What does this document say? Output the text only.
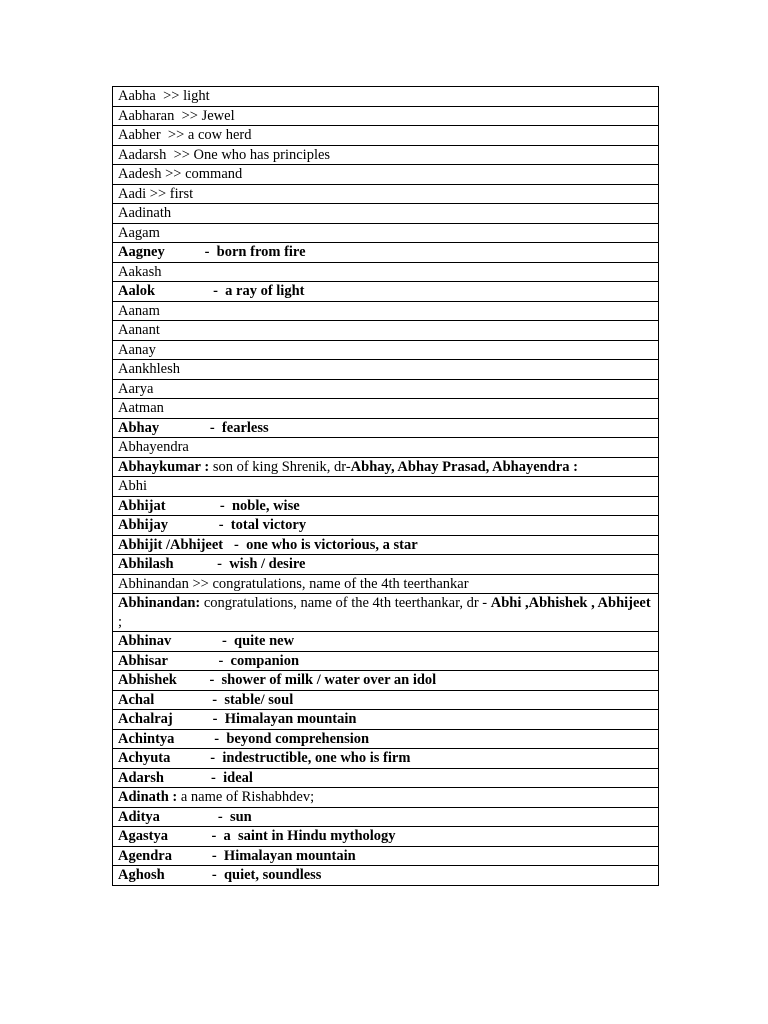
Aabha  >> light
Aabharan  >> Jewel
Aabher  >> a cow herd
Aadarsh  >> One who has principles
Aadesh >> command
Aadi >> first
Aadinath
Aagam
Aagney           -  born from fire
Aakash
Aalok                -  a ray of light
Aanam
Aanant
Aanay
Aankhlesh
Aarya
Aatman
Abhay              -  fearless
Abhayendra
Abhaykumar : son of king Shrenik, dr-Abhay, Abhay Prasad, Abhayendra :
Abhi
Abhijat               -  noble, wise
Abhijay              -  total victory
Abhijit /Abhijeet   -  one who is victorious, a star
Abhilash            -  wish / desire
Abhinandan >> congratulations, name of the 4th teerthankar
Abhinandan: congratulations, name of the 4th teerthankar, dr - Abhi ,Abhishek , Abhijeet ;
Abhinav              -  quite new
Abhisar              -  companion
Abhishek         -  shower of milk / water over an idol
Achal                -  stable/ soul
Achalraj           -  Himalayan mountain
Achintya           -  beyond comprehension
Achyuta           -  indestructible, one who is firm
Adarsh             -  ideal
Adinath : a name of Rishabhdev;
Aditya                -  sun
Agastya            -  a  saint in Hindu mythology
Agendra           -  Himalayan mountain
Aghosh             -  quiet, soundless
